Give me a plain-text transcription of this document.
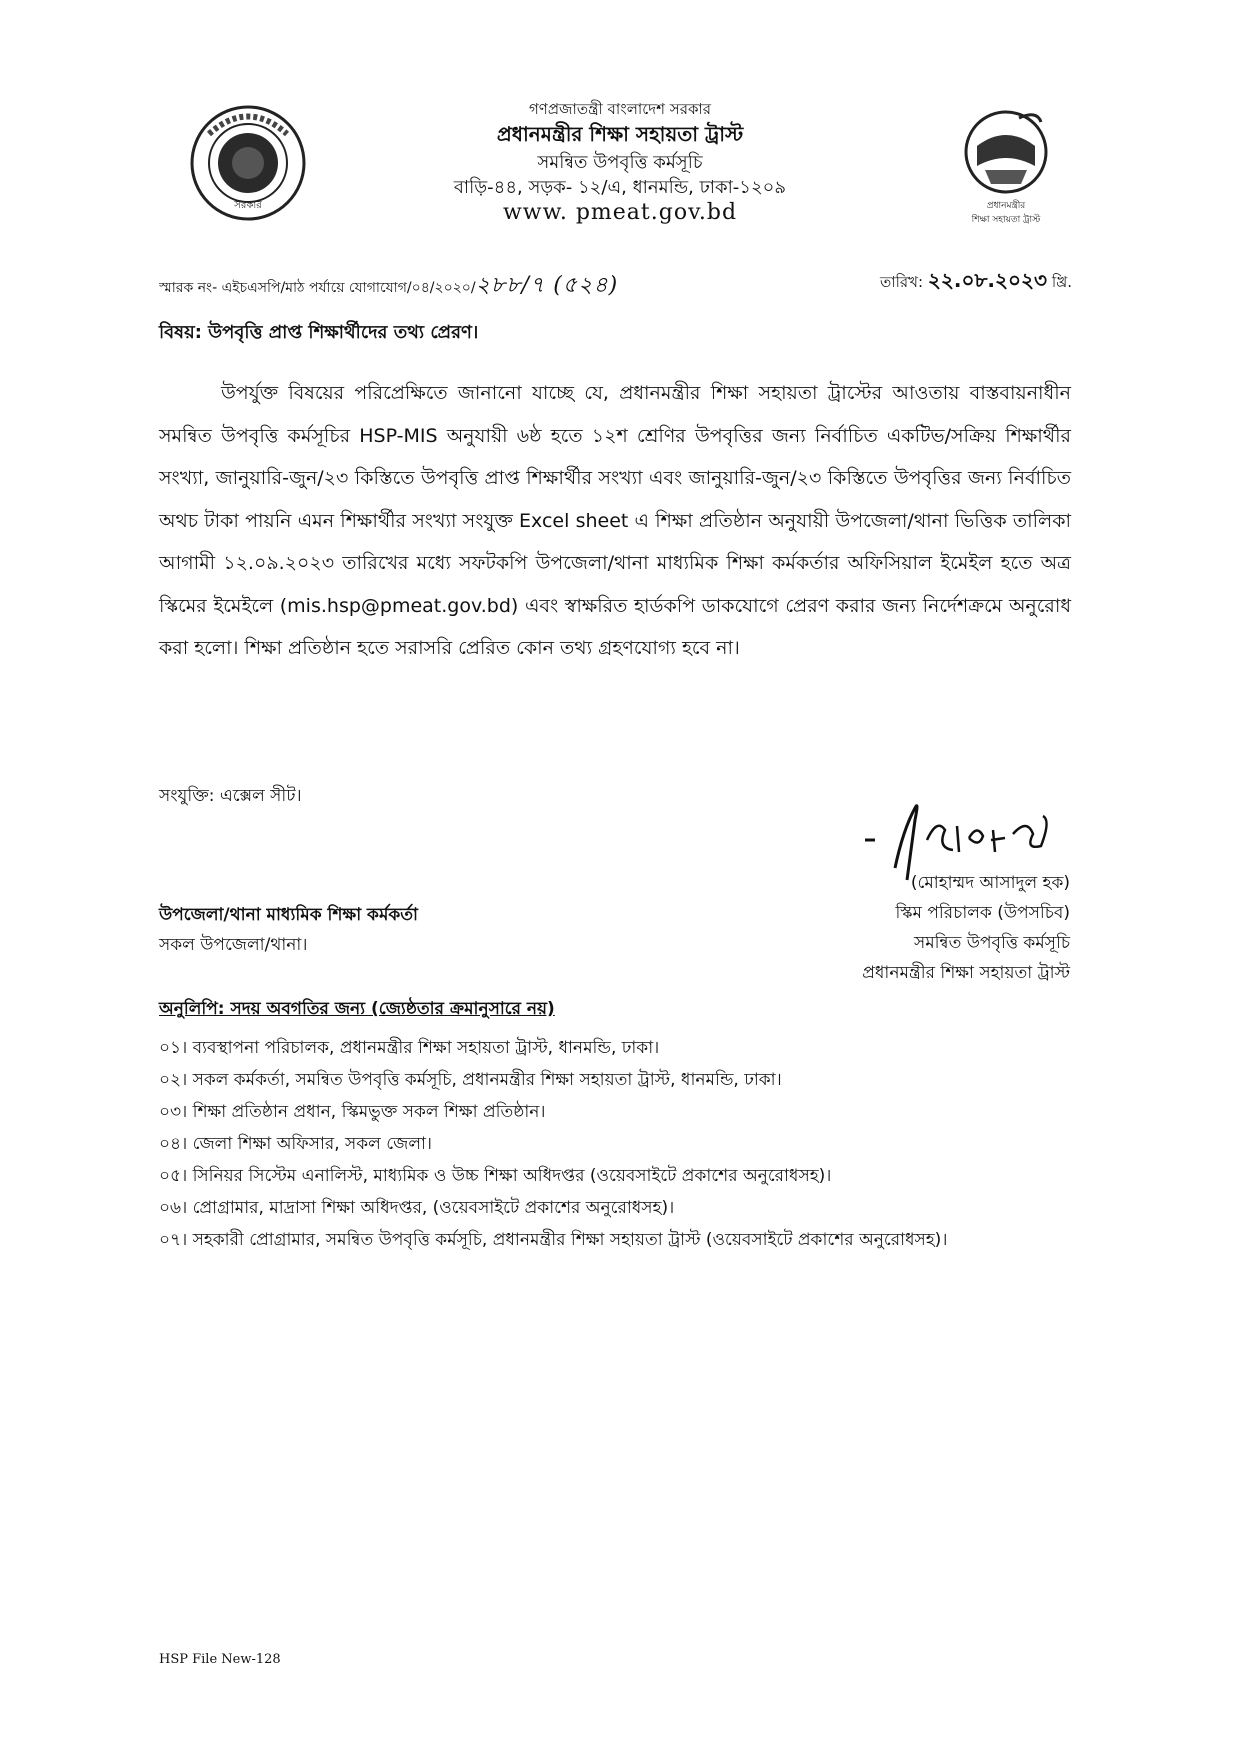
সরকার
গণপ্রজাতন্ত্রী বাংলাদেশ সরকার
প্রধানমন্ত্রীর শিক্ষা সহায়তা ট্রাস্ট
সমন্বিত উপবৃত্তি কর্মসূচি
বাড়ি-৪৪, সড়ক- ১২/এ, ধানমন্ডি, ঢাকা-১২০৯
www. pmeat.gov.bd	প্রধানমন্ত্রীর
শিক্ষা সহায়তা ট্রাস্ট
স্মারক নং- এইচএসপি/মাঠ পর্যায়ে যোগাযোগ/০৪/২০২০/২৮৮/৭ (৫২৪)	তারিখ: ২২.০৮.২০২৩ খ্রি.
বিষয়: উপবৃত্তি প্রাপ্ত শিক্ষার্থীদের তথ্য প্রেরণ।
উপর্যুক্ত বিষয়ের পরিপ্রেক্ষিতে জানানো যাচ্ছে যে, প্রধানমন্ত্রীর শিক্ষা সহায়তা ট্রাস্টের আওতায় বাস্তবায়নাধীন সমন্বিত উপবৃত্তি কর্মসূচির HSP-MIS অনুযায়ী ৬ষ্ঠ হতে ১২শ শ্রেণির উপবৃত্তির জন্য নির্বাচিত একটিভ/সক্রিয় শিক্ষার্থীর সংখ্যা, জানুয়ারি-জুন/২৩ কিস্তিতে উপবৃত্তি প্রাপ্ত শিক্ষার্থীর সংখ্যা এবং জানুয়ারি-জুন/২৩ কিস্তিতে উপবৃত্তির জন্য নির্বাচিত অথচ টাকা পায়নি এমন শিক্ষার্থীর সংখ্যা সংযুক্ত Excel sheet এ শিক্ষা প্রতিষ্ঠান অনুযায়ী উপজেলা/থানা ভিত্তিক তালিকা আগামী ১২.০৯.২০২৩ তারিখের মধ্যে সফটকপি উপজেলা/থানা মাধ্যমিক শিক্ষা কর্মকর্তার অফিসিয়াল ইমেইল হতে অত্র স্কিমের ইমেইলে (mis.hsp@pmeat.gov.bd) এবং স্বাক্ষরিত হার্ডকপি ডাকযোগে প্রেরণ করার জন্য নির্দেশক্রমে অনুরোধ করা হলো। শিক্ষা প্রতিষ্ঠান হতে সরাসরি প্রেরিত কোন তথ্য গ্রহণযোগ্য হবে না।
সংযুক্তি: এক্সেল সীট।
(মোহাম্মদ আসাদুল হক)
স্কিম পরিচালক (উপসচিব)
সমন্বিত উপবৃত্তি কর্মসূচি
প্রধানমন্ত্রীর শিক্ষা সহায়তা ট্রাস্ট
উপজেলা/থানা মাধ্যমিক শিক্ষা কর্মকর্তা
সকল উপজেলা/থানা।
অনুলিপি: সদয় অবগতির জন্য (জ্যেষ্ঠতার ক্রমানুসারে নয়)
০১। ব্যবস্থাপনা পরিচালক, প্রধানমন্ত্রীর শিক্ষা সহায়তা ট্রাস্ট, ধানমন্ডি, ঢাকা।
০২। সকল কর্মকর্তা, সমন্বিত উপবৃত্তি কর্মসূচি, প্রধানমন্ত্রীর শিক্ষা সহায়তা ট্রাস্ট, ধানমন্ডি, ঢাকা।
০৩। শিক্ষা প্রতিষ্ঠান প্রধান, স্কিমভুক্ত সকল শিক্ষা প্রতিষ্ঠান।
০৪। জেলা শিক্ষা অফিসার, সকল জেলা।
০৫। সিনিয়র সিস্টেম এনালিস্ট, মাধ্যমিক ও উচ্চ শিক্ষা অধিদপ্তর (ওয়েবসাইটে প্রকাশের অনুরোধসহ)।
০৬। প্রোগ্রামার, মাদ্রাসা শিক্ষা অধিদপ্তর, (ওয়েবসাইটে প্রকাশের অনুরোধসহ)।
০৭। সহকারী প্রোগ্রামার, সমন্বিত উপবৃত্তি কর্মসূচি, প্রধানমন্ত্রীর শিক্ষা সহায়তা ট্রাস্ট (ওয়েবসাইটে প্রকাশের অনুরোধসহ)।
HSP File New-128
